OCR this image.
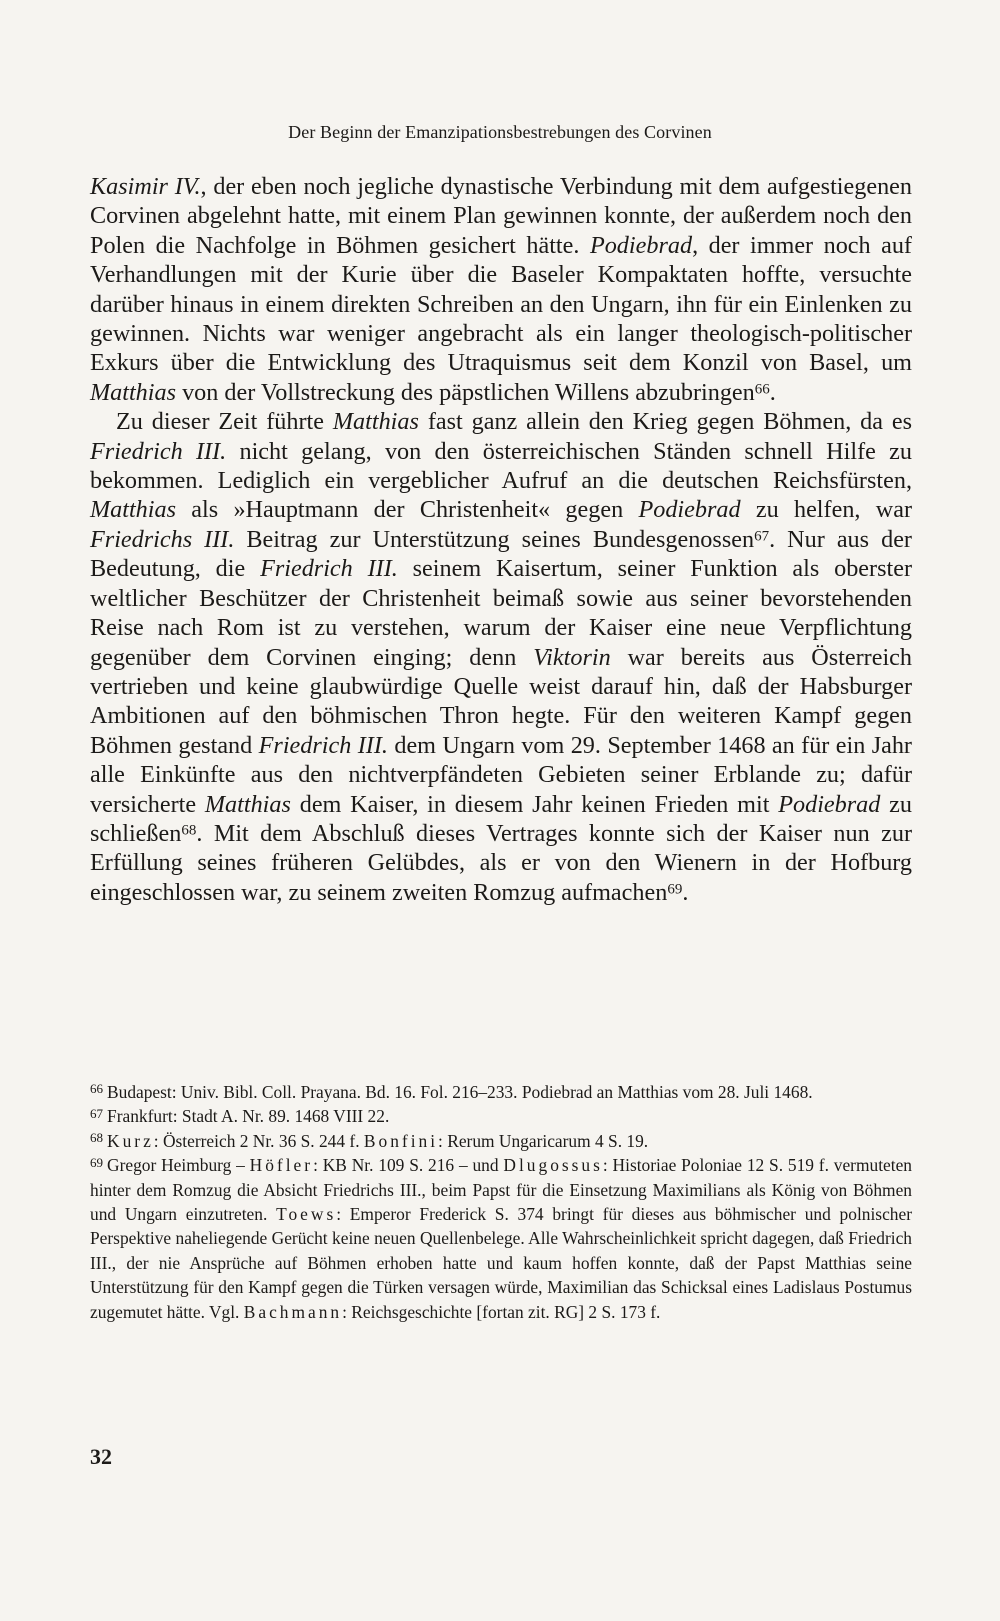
Der Beginn der Emanzipationsbestrebungen des Corvinen

Kasimir IV., der eben noch jegliche dynastische Verbindung mit dem aufgestiegenen Corvinen abgelehnt hatte, mit einem Plan gewinnen konnte, der außerdem noch den Polen die Nachfolge in Böhmen gesichert hätte. Podiebrad, der immer noch auf Verhandlungen mit der Kurie über die Baseler Kompaktaten hoffte, versuchte darüber hinaus in einem direkten Schreiben an den Ungarn, ihn für ein Einlenken zu gewinnen. Nichts war weniger angebracht als ein langer theologisch-politischer Exkurs über die Entwicklung des Utraquismus seit dem Konzil von Basel, um Matthias von der Vollstreckung des päpstlichen Willens abzubringen$^{66}$.

Zu dieser Zeit führte Matthias fast ganz allein den Krieg gegen Böhmen, da es Friedrich III. nicht gelang, von den österreichischen Ständen schnell Hilfe zu bekommen. Lediglich ein vergeblicher Aufruf an die deutschen Reichsfürsten, Matthias als »Hauptmann der Christenheit« gegen Podiebrad zu helfen, war Friedrichs III. Beitrag zur Unterstützung seines Bundesgenossen$^{67}$. Nur aus der Bedeutung, die Friedrich III. seinem Kaisertum, seiner Funktion als oberster weltlicher Beschützer der Christenheit beimaß sowie aus seiner bevorstehenden Reise nach Rom ist zu verstehen, warum der Kaiser eine neue Verpflichtung gegenüber dem Corvinen einging; denn Viktorin war bereits aus Österreich vertrieben und keine glaubwürdige Quelle weist darauf hin, daß der Habsburger Ambitionen auf den böhmischen Thron hegte. Für den weiteren Kampf gegen Böhmen gestand Friedrich III. dem Ungarn vom 29. September 1468 an für ein Jahr alle Einkünfte aus den nichtverpfändeten Gebieten seiner Erblande zu; dafür versicherte Matthias dem Kaiser, in diesem Jahr keinen Frieden mit Podiebrad zu schließen$^{68}$. Mit dem Abschluß dieses Vertrages konnte sich der Kaiser nun zur Erfüllung seines früheren Gelübdes, als er von den Wienern in der Hofburg eingeschlossen war, zu seinem zweiten Romzug aufmachen$^{69}$.

$^{66}$ Budapest: Univ. Bibl. Coll. Prayana. Bd. 16. Fol. 216–233. Podiebrad an Matthias vom 28. Juli 1468.

$^{67}$ Frankfurt: Stadt A. Nr. 89. 1468 VIII 22.

$^{68}$ Kurz: Österreich 2 Nr. 36 S. 244 f. Bonfini: Rerum Ungaricarum 4 S. 19.

$^{69}$ Gregor Heimburg – Höfler: KB Nr. 109 S. 216 – und Dlugossus: Historiae Poloniae 12 S. 519 f. vermuteten hinter dem Romzug die Absicht Friedrichs III., beim Papst für die Einsetzung Maximilians als König von Böhmen und Ungarn einzutreten. Toews: Emperor Frederick S. 374 bringt für dieses aus böhmischer und polnischer Perspektive naheliegende Gerücht keine neuen Quellenbelege. Alle Wahrscheinlichkeit spricht dagegen, daß Friedrich III., der nie Ansprüche auf Böhmen erhoben hatte und kaum hoffen konnte, daß der Papst Matthias seine Unterstützung für den Kampf gegen die Türken versagen würde, Maximilian das Schicksal eines Ladislaus Postumus zugemutet hätte. Vgl. Bachmann: Reichsgeschichte [fortan zit. RG] 2 S. 173 f.

32
